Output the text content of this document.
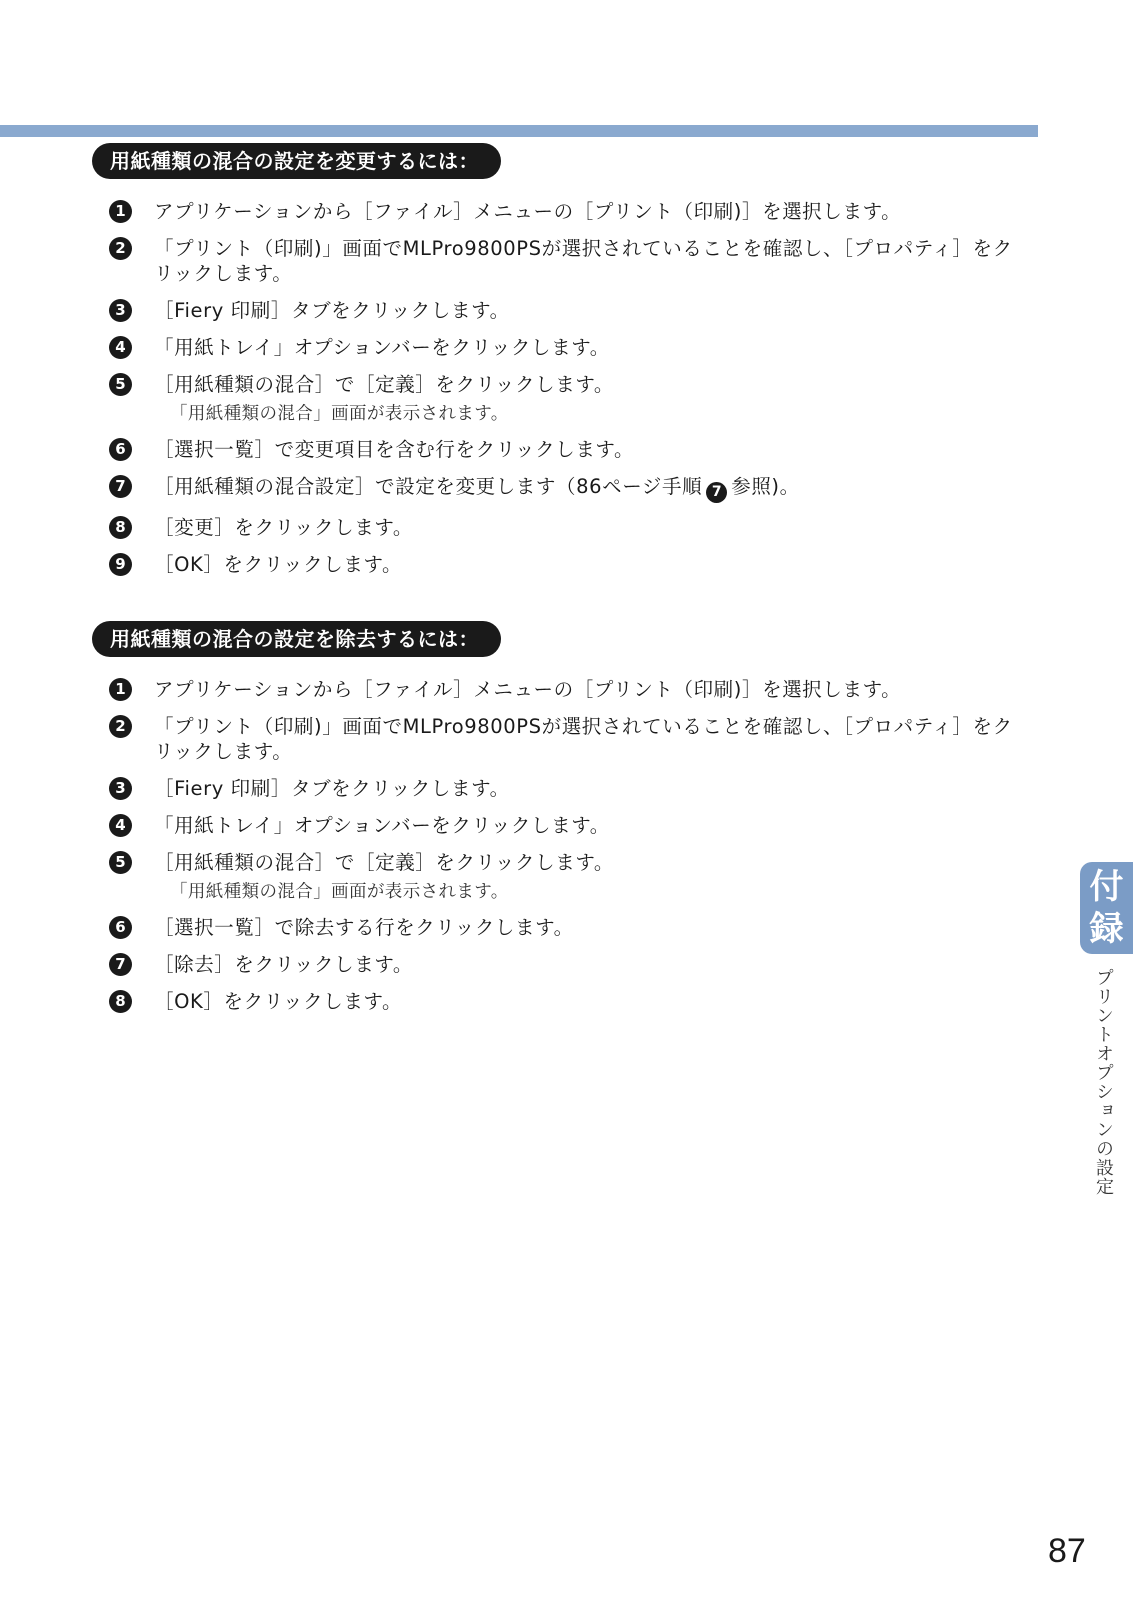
用紙種類の混合の設定を変更するには：
1	アプリケーションから［ファイル］メニューの［プリント（印刷)］を選択します。
2	「プリント（印刷)」画面でMLPro9800PSが選択されていることを確認し、［プロパティ］をクリックします。
3	［Fiery 印刷］タブをクリックします。
4	「用紙トレイ」オプションバーをクリックします。
5	［用紙種類の混合］で［定義］をクリックします。
「用紙種類の混合」画面が表示されます。
6	［選択一覧］で変更項目を含む行をクリックします。
7	［用紙種類の混合設定］で設定を変更します（86ページ手順 7 参照)。
8	［変更］をクリックします。
9	［OK］をクリックします。
用紙種類の混合の設定を除去するには：
1	アプリケーションから［ファイル］メニューの［プリント（印刷)］を選択します。
2	「プリント（印刷)」画面でMLPro9800PSが選択されていることを確認し、［プロパティ］をクリックします。
3	［Fiery 印刷］タブをクリックします。
4	「用紙トレイ」オプションバーをクリックします。
5	［用紙種類の混合］で［定義］をクリックします。
「用紙種類の混合」画面が表示されます。
6	［選択一覧］で除去する行をクリックします。
7	［除去］をクリックします。
8	［OK］をクリックします。
付
録
プリントオプションの設定
87
